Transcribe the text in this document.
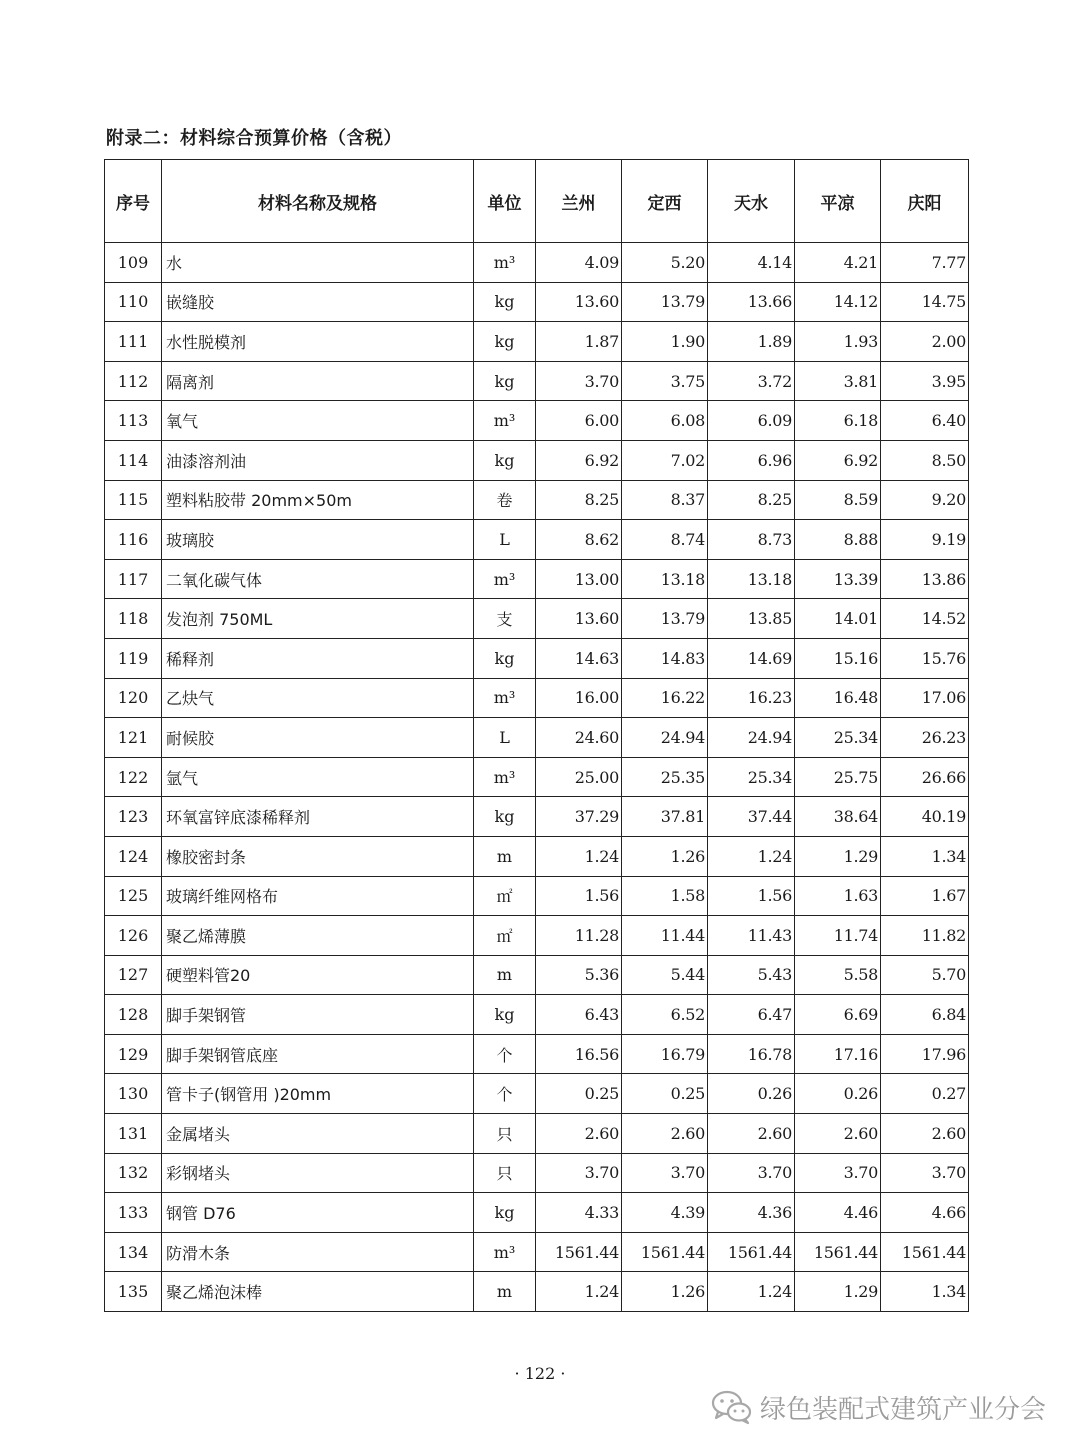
附录二：材料综合预算价格（含税）
序号	材料名称及规格	单位	兰州	定西	天水	平凉	庆阳
109	水	m³	4.09	5.20	4.14	4.21	7.77
110	嵌缝胶	kg	13.60	13.79	13.66	14.12	14.75
111	水性脱模剂	kg	1.87	1.90	1.89	1.93	2.00
112	隔离剂	kg	3.70	3.75	3.72	3.81	3.95
113	氧气	m³	6.00	6.08	6.09	6.18	6.40
114	油漆溶剂油	kg	6.92	7.02	6.96	6.92	8.50
115	塑料粘胶带 20mm×50m	卷	8.25	8.37	8.25	8.59	9.20
116	玻璃胶	L	8.62	8.74	8.73	8.88	9.19
117	二氧化碳气体	m³	13.00	13.18	13.18	13.39	13.86
118	发泡剂 750ML	支	13.60	13.79	13.85	14.01	14.52
119	稀释剂	kg	14.63	14.83	14.69	15.16	15.76
120	乙炔气	m³	16.00	16.22	16.23	16.48	17.06
121	耐候胶	L	24.60	24.94	24.94	25.34	26.23
122	氩气	m³	25.00	25.35	25.34	25.75	26.66
123	环氧富锌底漆稀释剂	kg	37.29	37.81	37.44	38.64	40.19
124	橡胶密封条	m	1.24	1.26	1.24	1.29	1.34
125	玻璃纤维网格布	㎡	1.56	1.58	1.56	1.63	1.67
126	聚乙烯薄膜	㎡	11.28	11.44	11.43	11.74	11.82
127	硬塑料管20	m	5.36	5.44	5.43	5.58	5.70
128	脚手架钢管	kg	6.43	6.52	6.47	6.69	6.84
129	脚手架钢管底座	个	16.56	16.79	16.78	17.16	17.96
130	管卡子(钢管用 )20mm	个	0.25	0.25	0.26	0.26	0.27
131	金属堵头	只	2.60	2.60	2.60	2.60	2.60
132	彩钢堵头	只	3.70	3.70	3.70	3.70	3.70
133	钢管 D76	kg	4.33	4.39	4.36	4.46	4.66
134	防滑木条	m³	1561.44	1561.44	1561.44	1561.44	1561.44
135	聚乙烯泡沫棒	m	1.24	1.26	1.24	1.29	1.34
· 122 ·
绿色装配式建筑产业分会
